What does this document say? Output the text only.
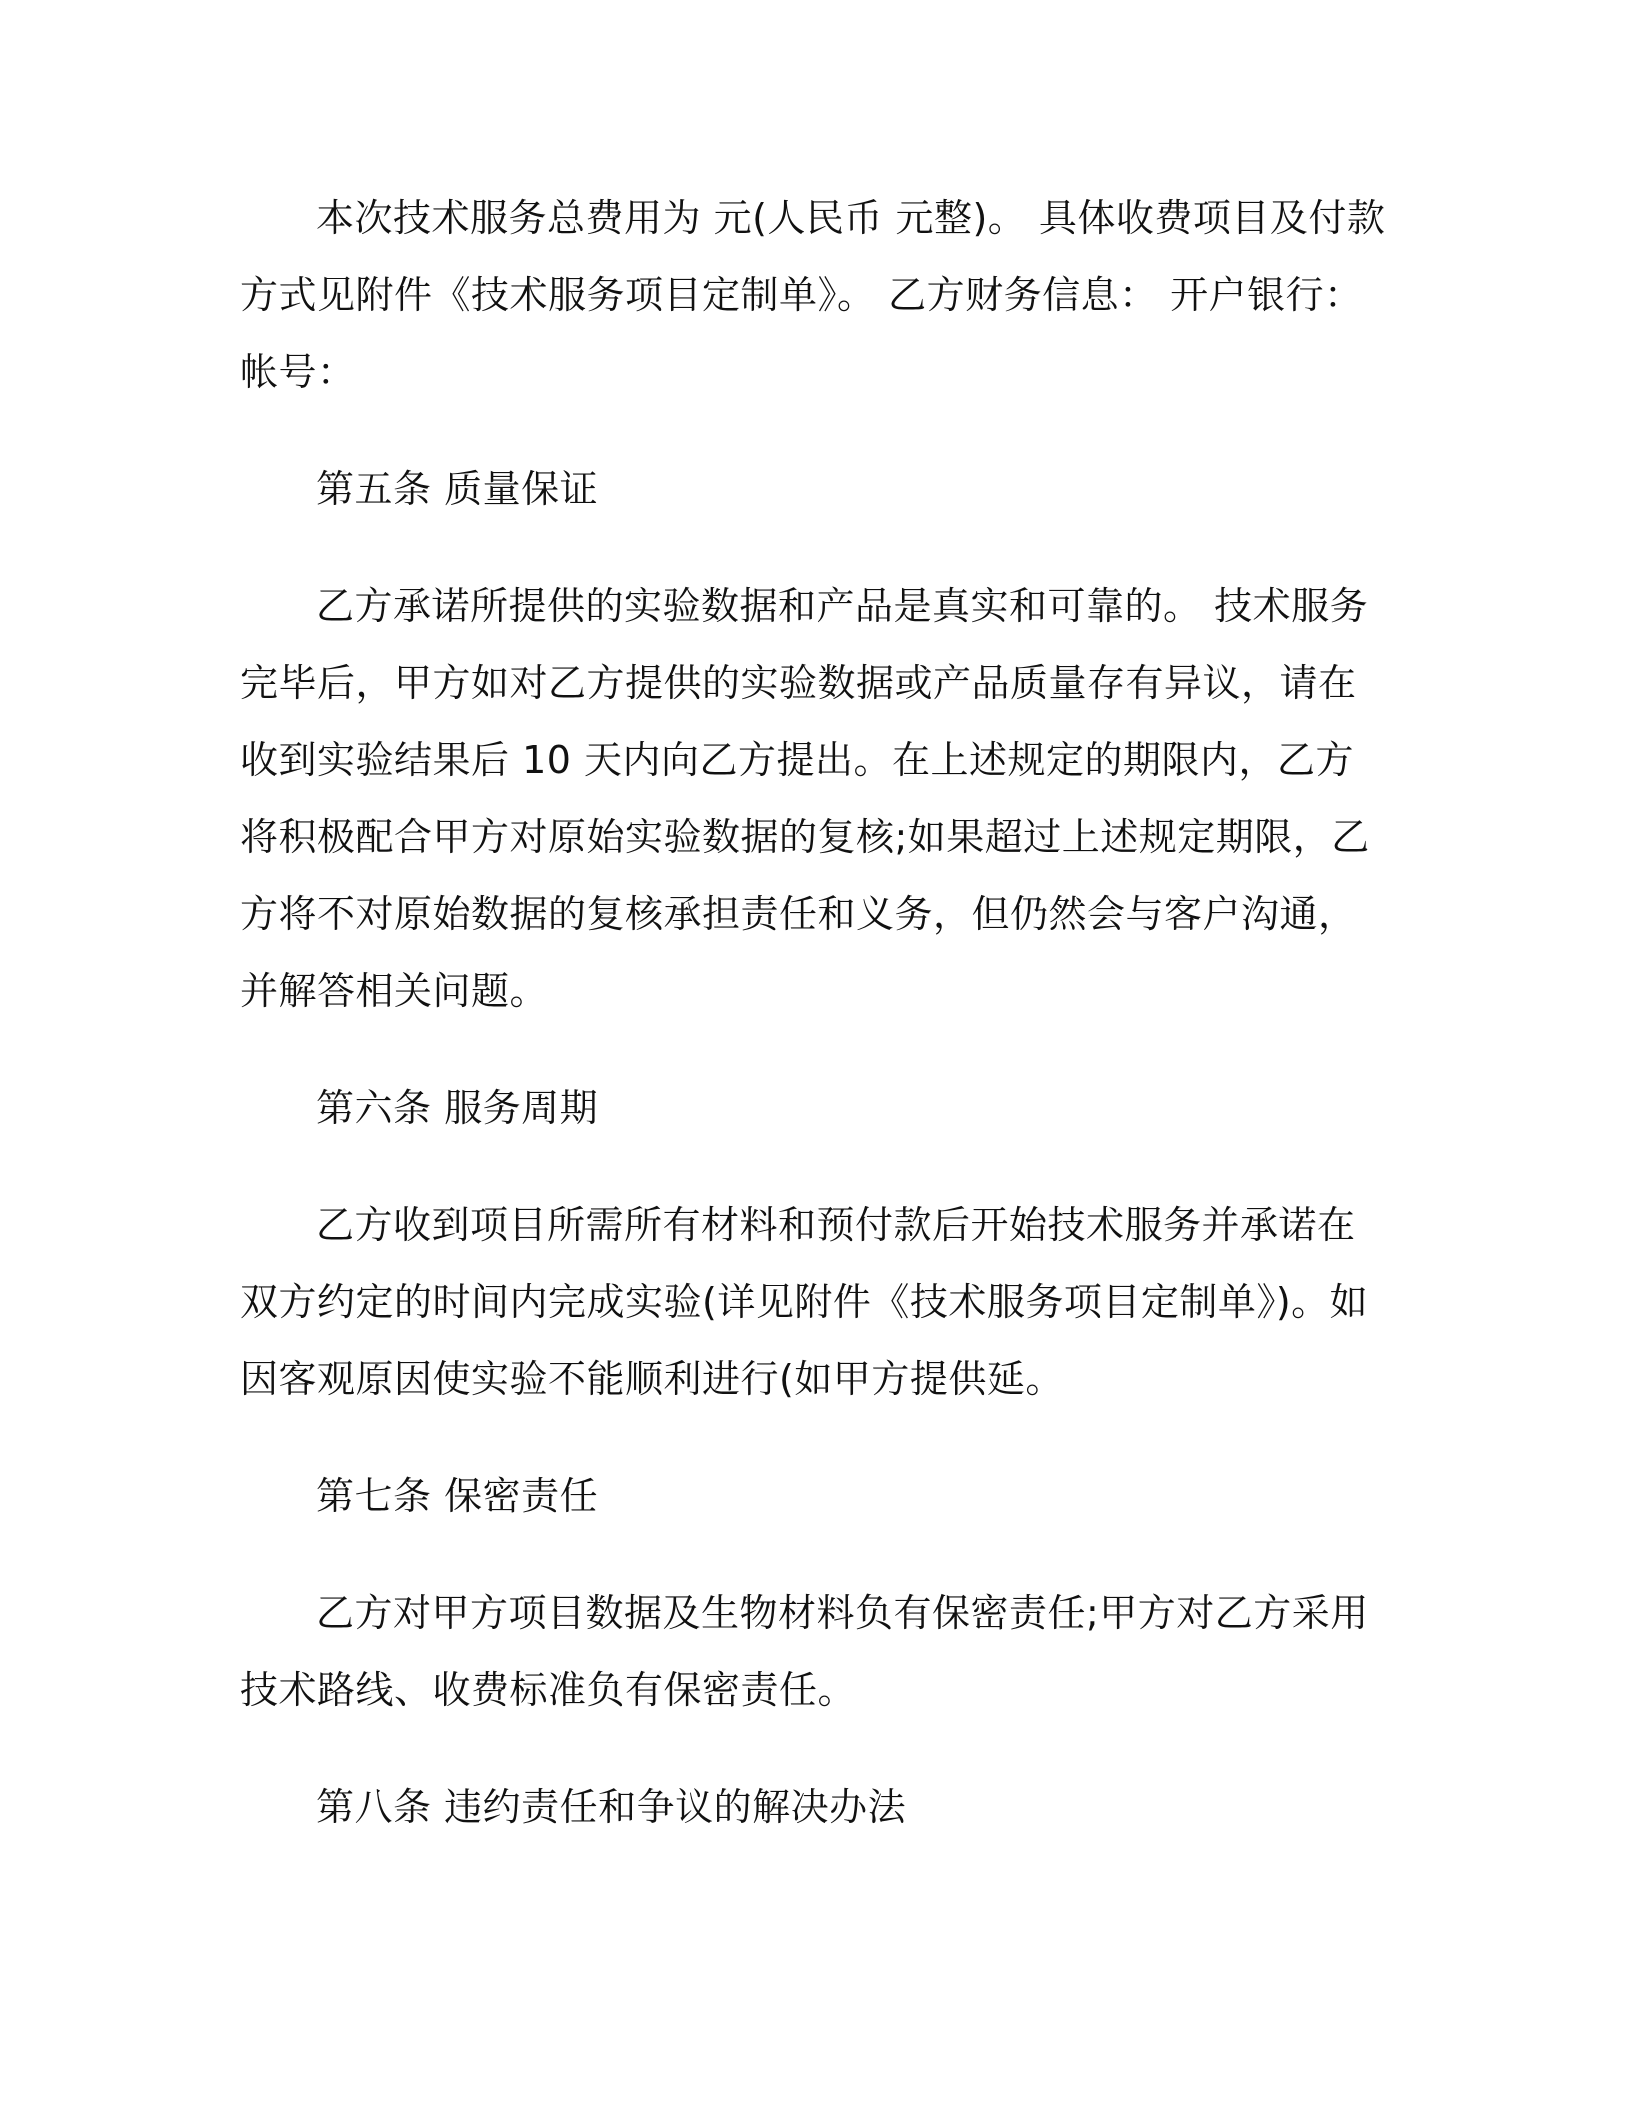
本次技术服务总费用为 元(人民币 元整)。 具体收费项目及付款方式见附件《技术服务项目定制单》。 乙方财务信息： 开户银行： 帐号：

第五条 质量保证

乙方承诺所提供的实验数据和产品是真实和可靠的。 技术服务完毕后，甲方如对乙方提供的实验数据或产品质量存有异议，请在收到实验结果后 10 天内向乙方提出。在上述规定的期限内，乙方将积极配合甲方对原始实验数据的复核;如果超过上述规定期限，乙方将不对原始数据的复核承担责任和义务，但仍然会与客户沟通，并解答相关问题。

第六条 服务周期

乙方收到项目所需所有材料和预付款后开始技术服务并承诺在双方约定的时间内完成实验(详见附件《技术服务项目定制单》)。如因客观原因使实验不能顺利进行(如甲方提供延。

第七条 保密责任

乙方对甲方项目数据及生物材料负有保密责任;甲方对乙方采用技术路线、收费标准负有保密责任。

第八条 违约责任和争议的解决办法
